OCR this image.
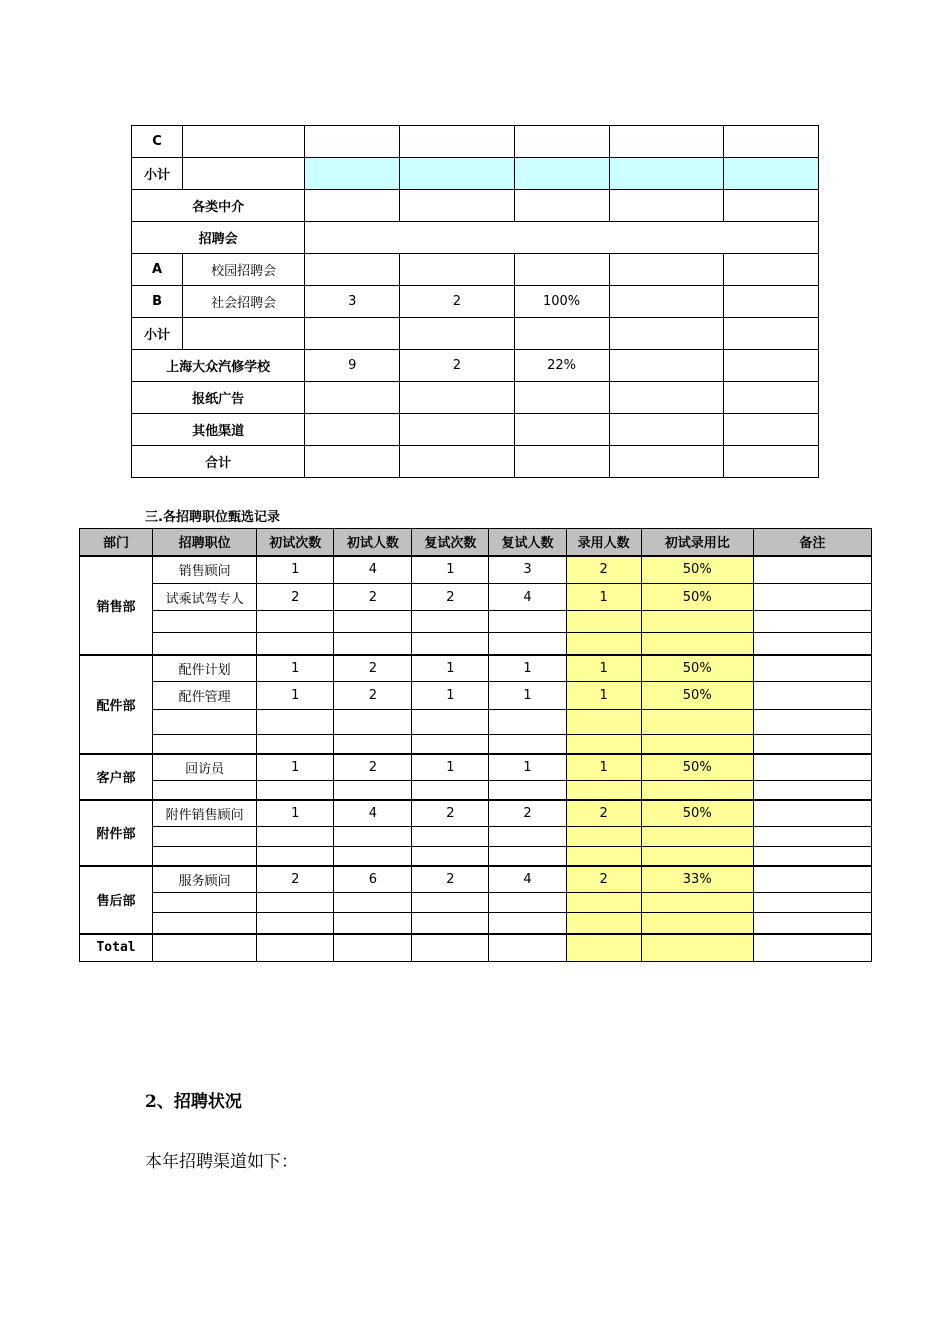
C						
小计						
各类中介						
招聘会						
A	校园招聘会					
B	社会招聘会	3	2	100%		
小计						
上海大众汽修学校		9	2	22%		
报纸广告						
其他渠道						
合计						
三.各招聘职位甄选记录
部门	招聘职位	初试次数	初试人数	复试次数	复试人数	录用人数	初试录用比	备注
销售部	销售顾问	1	4	1	3	2	50%	
	试乘试驾专人	2	2	2	4	1	50%	

配件部	配件计划	1	2	1	1	1	50%	
	配件管理	1	2	1	1	1	50%	

客户部	回访员	1	2	1	1	1	50%	

附件部	附件销售顾问	1	4	2	2	2	50%	

售后部	服务顾问	2	6	2	4	2	33%	

Total								
2、招聘状况
本年招聘渠道如下：
